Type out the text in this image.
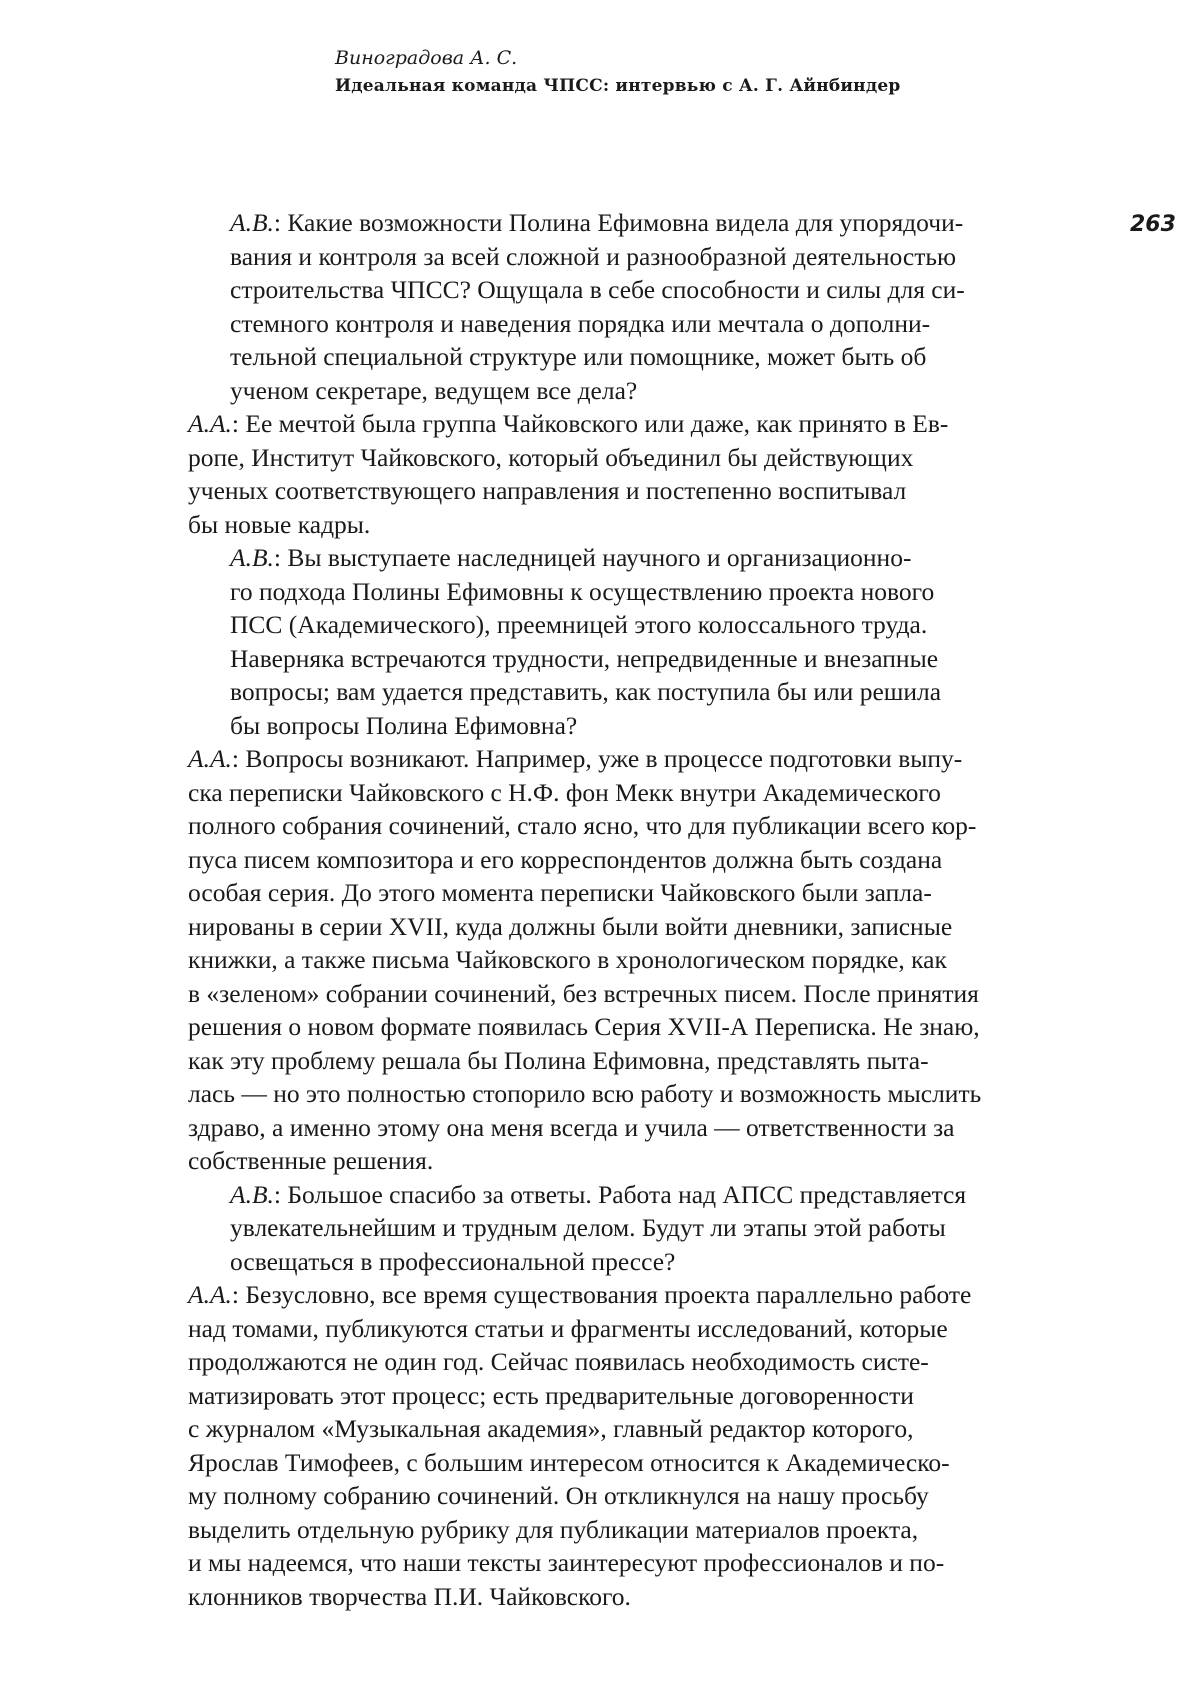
Виноградова А. С.
Идеальная команда ЧПСС: интервью с А. Г. Айнбиндер
263
А.В.: Какие возможности Полина Ефимовна видела для упорядочи-
вания и контроля за всей сложной и разнообразной деятельностью
строительства ЧПСС? Ощущала в себе способности и силы для си-
стемного контроля и наведения порядка или мечтала о дополни-
тельной специальной структуре или помощнике, может быть об
ученом секретаре, ведущем все дела?
А.А.: Ее мечтой была группа Чайковского или даже, как принято в Ев-
ропе, Институт Чайковского, который объединил бы действующих
ученых соответствующего направления и постепенно воспитывал
бы новые кадры.
А.В.: Вы выступаете наследницей научного и организационно-
го подхода Полины Ефимовны к осуществлению проекта нового
ПСС (Академического), преемницей этого колоссального труда.
Наверняка встречаются трудности, непредвиденные и внезапные
вопросы; вам удается представить, как поступила бы или решила
бы вопросы Полина Ефимовна?
А.А.: Вопросы возникают. Например, уже в процессе подготовки выпу-
ска переписки Чайковского с Н.Ф. фон Мекк внутри Академического
полного собрания сочинений, стало ясно, что для публикации всего кор-
пуса писем композитора и его корреспондентов должна быть создана
особая серия. До этого момента переписки Чайковского были запла-
нированы в серии XVII, куда должны были войти дневники, записные
книжки, а также письма Чайковского в хронологическом порядке, как
в «зеленом» собрании сочинений, без встречных писем. После принятия
решения о новом формате появилась Серия XVII-А Переписка. Не знаю,
как эту проблему решала бы Полина Ефимовна, представлять пыта-
лась — но это полностью стопорило всю работу и возможность мыслить
здраво, а именно этому она меня всегда и учила — ответственности за
собственные решения.
А.В.: Большое спасибо за ответы. Работа над АПСС представляется
увлекательнейшим и трудным делом. Будут ли этапы этой работы
освещаться в профессиональной прессе?
А.А.: Безусловно, все время существования проекта параллельно работе
над томами, публикуются статьи и фрагменты исследований, которые
продолжаются не один год. Сейчас появилась необходимость систе-
матизировать этот процесс; есть предварительные договоренности
с журналом «Музыкальная академия», главный редактор которого,
Ярослав Тимофеев, с большим интересом относится к Академическо-
му полному собранию сочинений. Он откликнулся на нашу просьбу
выделить отдельную рубрику для публикации материалов проекта,
и мы надеемся, что наши тексты заинтересуют профессионалов и по-
клонников творчества П.И. Чайковского.
